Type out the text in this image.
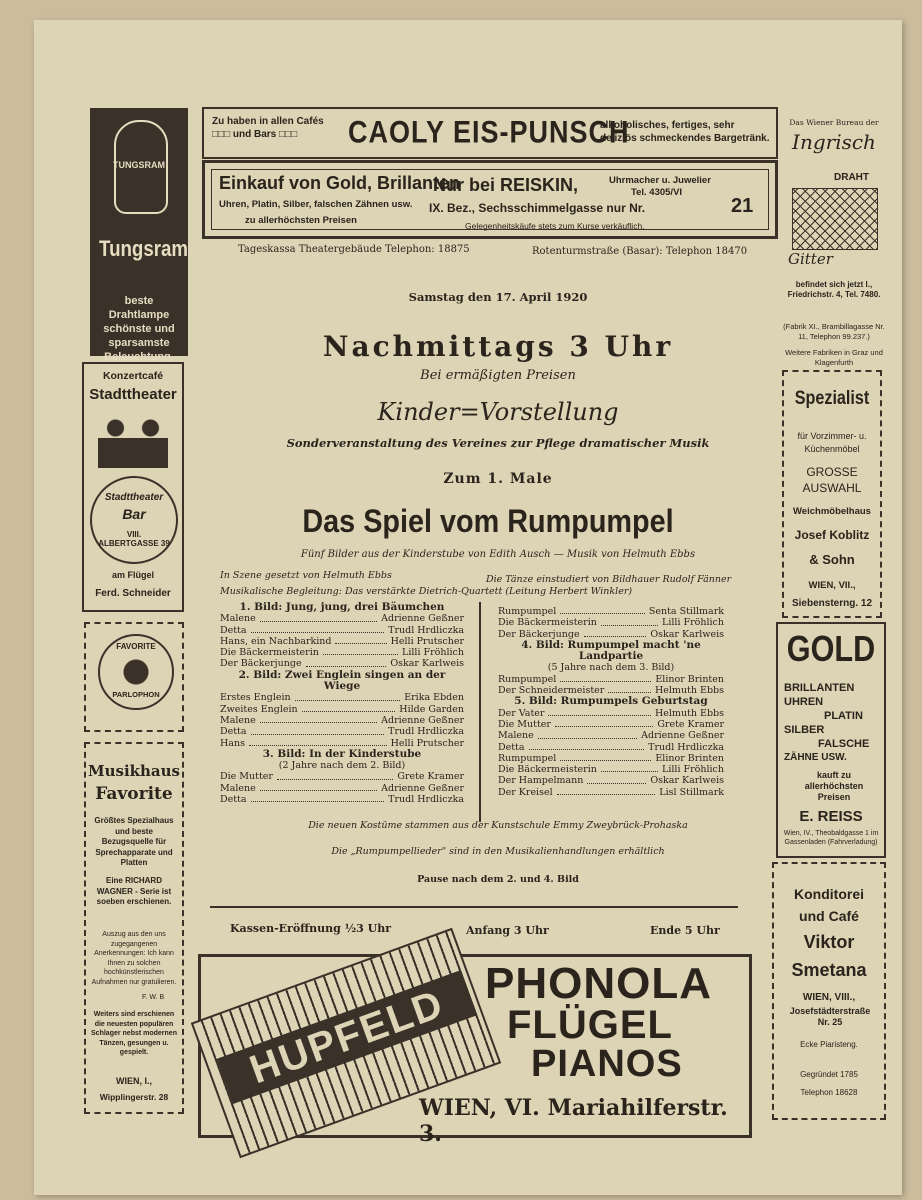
Zu haben in allen Cafés
□□□ und Bars □□□	CAOLY EIS-PUNSCH
alkoholisches, fertiges, sehr delizlös schmeckendes Bargetränk.
Einkauf von Gold, Brillanten
Uhren, Platin, Silber, falschen Zähnen usw.
zu allerhöchsten Preisen
Nur bei REISKIN,	Uhrmacher u. Juwelier
Tel. 4305/VI
IX. Bez., Sechsschimmelgasse nur Nr.	21
Gelegenheitskäufe stets zum Kurse verkäuflich.
Tageskassa Theatergebäude Telephon: 18875	Rotenturmstraße (Basar): Telephon 18470
Samstag den 17. April 1920
Nachmittags 3 Uhr
Bei ermäßigten Preisen
Kinder=Vorstellung
Sonderveranstaltung des Vereines zur Pflege dramatischer Musik
Zum 1. Male
Das Spiel vom Rumpumpel
Fünf Bilder aus der Kinderstube von Edith Ausch — Musik von Helmuth Ebbs
In Szene gesetzt von Helmuth Ebbs	Die Tänze einstudiert von Bildhauer Rudolf Fänner
Musikalische Begleitung: Das verstärkte Dietrich-Quartett (Leitung Herbert Winkler)
1. Bild: Jung, jung, drei Bäumchen
Malene	Adrienne Geßner
Detta	Trudl Hrdliczka
Hans, ein Nachbarkind	Helli Prutscher
Die Bäckermeisterin	Lilli Fröhlich
Der Bäckerjunge	Oskar Karlweis
2. Bild: Zwei Englein singen an der Wiege
Erstes Englein	Erika Ebden
Zweites Englein	Hilde Garden
Malene	Adrienne Geßner
Detta	Trudl Hrdliczka
Hans	Helli Prutscher
3. Bild: In der Kinderstube
(2 Jahre nach dem 2. Bild)
Die Mutter	Grete Kramer
Malene	Adrienne Geßner
Detta	Trudl Hrdliczka
Rumpumpel	Senta Stillmark
Die Bäckermeisterin	Lilli Fröhlich
Der Bäckerjunge	Oskar Karlweis
4. Bild: Rumpumpel macht 'ne Landpartie
(5 Jahre nach dem 3. Bild)
Rumpumpel	Elinor Brinten
Der Schneidermeister	Helmuth Ebbs
5. Bild: Rumpumpels Geburtstag
Der Vater	Helmuth Ebbs
Die Mutter	Grete Kramer
Malene	Adrienne Geßner
Detta	Trudl Hrdliczka
Rumpumpel	Elinor Brinten
Die Bäckermeisterin	Lilli Fröhlich
Der Hampelmann	Oskar Karlweis
Der Kreisel	Lisl Stillmark
Die neuen Kostüme stammen aus der Kunstschule Emmy Zweybrück-Prohaska
Die „Rumpumpellieder" sind in den Musikalienhandlungen erhältlich
Pause nach dem 2. und 4. Bild
Kassen-Eröffnung ½3 Uhr	Anfang 3 Uhr	Ende 5 Uhr
HUPFELD PHONOLA
FLÜGEL
PIANOS
WIEN, VI. Mariahilferstr. 3.
TUNGSRAM
Tungsram
beste Drahtlampe schönste und sparsamste Beleuchtung.
Konzertcafé
Stadttheater
Stadttheater
Bar
VIII. ALBERTGASSE 39
am Flügel
Ferd. Schneider
FAVORITE
PARLOPHON
Musikhaus
Favorite
Größtes Spezialhaus und beste Bezugsquelle für Sprechapparate und Platten
Eine RICHARD WAGNER - Serie ist soeben erschienen.
Auszug aus den uns zugegangenen Anerkennungen: Ich kann Ihnen zu solchen hochkünstlerischen Aufnahmen nur gratulieren.
F. W. B
Weiters sind erschienen die neuesten populären Schlager nebst modernen Tänzen, gesungen u. gespielt.
WIEN, I.,
Wipplingerstr. 28
Das Wiener Bureau der
Ingrisch
DRAHT
Gitter
befindet sich jetzt I., Friedrichstr. 4, Tel. 7480.
(Fabrik XI., Brambillagasse Nr. 11, Telephon 99.237.)
Weitere Fabriken in Graz und Klagenfurth
Spezialist
für Vorzimmer- u. Küchenmöbel
GROSSE AUSWAHL
Weichmöbelhaus
Josef Koblitz
& Sohn
WIEN, VII.,
Siebensterng. 12
GOLD
BRILLANTEN
UHREN
PLATIN
SILBER
FALSCHE
ZÄHNE USW.
kauft zu allerhöchsten Preisen
E. REISS
Wien, IV., Theobaldgasse 1 im Gassenladen (Fahrverladung)
Konditorei
und Café
Viktor
Smetana
WIEN, VIII.,
Josefstädterstraße Nr. 25
Ecke Piaristeng.
Gegründet 1785
Telephon 18628
